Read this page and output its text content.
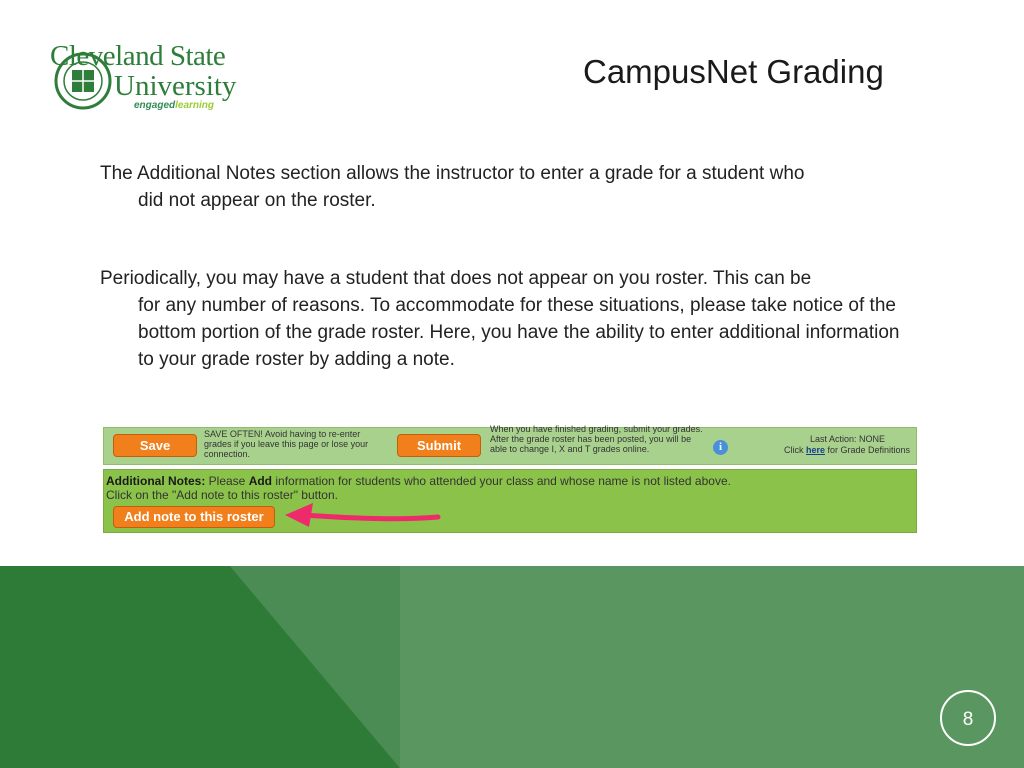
Cleveland State
University
engagedlearning
CampusNet Grading
The Additional Notes section allows the instructor to enter a grade for a student who
did not appear on the roster.
Periodically, you may have a student that does not appear on you roster. This can be
for any number of reasons. To accommodate for these situations, please take notice of the bottom portion of the grade roster. Here, you have the ability to enter additional information to your grade roster by adding a note.
Save
SAVE OFTEN! Avoid having to re-enter grades if you leave this page or lose your connection.
Submit
When you have finished grading, submit your grades. After the grade roster has been posted, you will be able to change I, X and T grades online.	i
Last Action: NONE
Click here for Grade Definitions
Additional Notes: Please Add information for students who attended your class and whose name is not listed above.
Click on the "Add note to this roster" button.
Add note to this roster
8
